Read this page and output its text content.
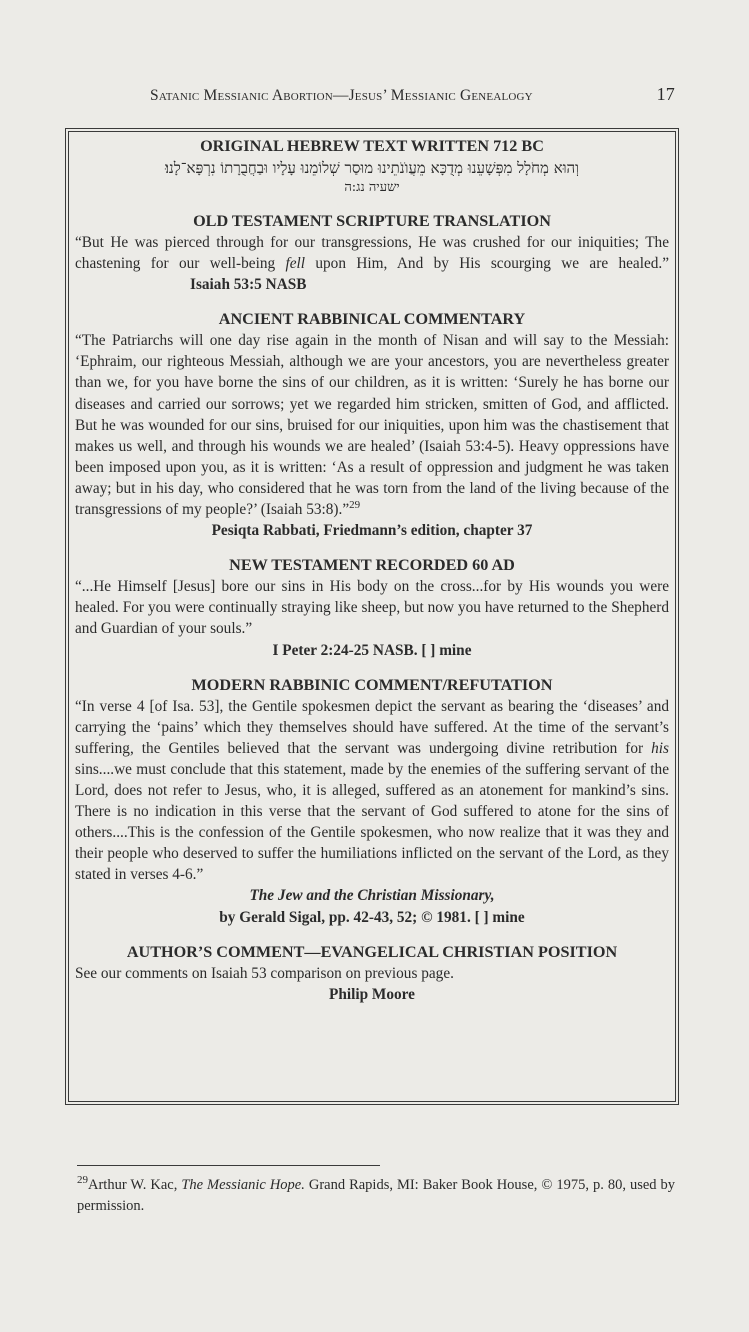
Satanic Messianic Abortion—Jesus’ Messianic Genealogy	17
ORIGINAL HEBREW TEXT WRITTEN 712 BC
וְהוּא מְחֹלָל מִפְּשָׁעֵנוּ מְדֻכָּא מֵעֲוֺנֹתֵינוּ מוּסַר שְׁלוֹמֵנוּ עָלָיו וּבַחֲבֻרָתוֹ נִרְפָּא־לָנוּ׃
ישעיה נג:ה
OLD TESTAMENT SCRIPTURE TRANSLATION
“But He was pierced through for our transgressions, He was crushed for our iniquities; The chastening for our well-being fell upon Him, And by His scourging we are healed.” Isaiah 53:5 NASB
ANCIENT RABBINICAL COMMENTARY
“The Patriarchs will one day rise again in the month of Nisan and will say to the Messiah: ‘Ephraim, our righteous Messiah, although we are your ancestors, you are nevertheless greater than we, for you have borne the sins of our children, as it is written: ‘Surely he has borne our diseases and carried our sorrows; yet we regarded him stricken, smitten of God, and afflicted. But he was wounded for our sins, bruised for our iniquities, upon him was the chastisement that makes us well, and through his wounds we are healed’ (Isaiah 53:4-5). Heavy oppressions have been imposed upon you, as it is written: ‘As a result of oppression and judgment he was taken away; but in his day, who considered that he was torn from the land of the living because of the transgressions of my people?’ (Isaiah 53:8).”$^{29}$
Pesiqta Rabbati, Friedmann’s edition, chapter 37
NEW TESTAMENT RECORDED 60 AD
“...He Himself [Jesus] bore our sins in His body on the cross...for by His wounds you were healed. For you were continually straying like sheep, but now you have returned to the Shepherd and Guardian of your souls.”
I Peter 2:24-25 NASB. [ ] mine
MODERN RABBINIC COMMENT/REFUTATION
“In verse 4 [of Isa. 53], the Gentile spokesmen depict the servant as bearing the ‘diseases’ and carrying the ‘pains’ which they themselves should have suffered. At the time of the servant’s suffering, the Gentiles believed that the servant was undergoing divine retribution for his sins....we must conclude that this statement, made by the enemies of the suffering servant of the Lord, does not refer to Jesus, who, it is alleged, suffered as an atonement for mankind’s sins. There is no indication in this verse that the servant of God suffered to atone for the sins of others....This is the confession of the Gentile spokesmen, who now realize that it was they and their people who deserved to suffer the humiliations inflicted on the servant of the Lord, as they stated in verses 4-6.”
The Jew and the Christian Missionary,
by Gerald Sigal, pp. 42-43, 52; © 1981. [ ] mine
AUTHOR’S COMMENT—EVANGELICAL CHRISTIAN POSITION
See our comments on Isaiah 53 comparison on previous page.
Philip Moore
$^{29}$Arthur W. Kac, The Messianic Hope. Grand Rapids, MI: Baker Book House, © 1975, p. 80, used by permission.
